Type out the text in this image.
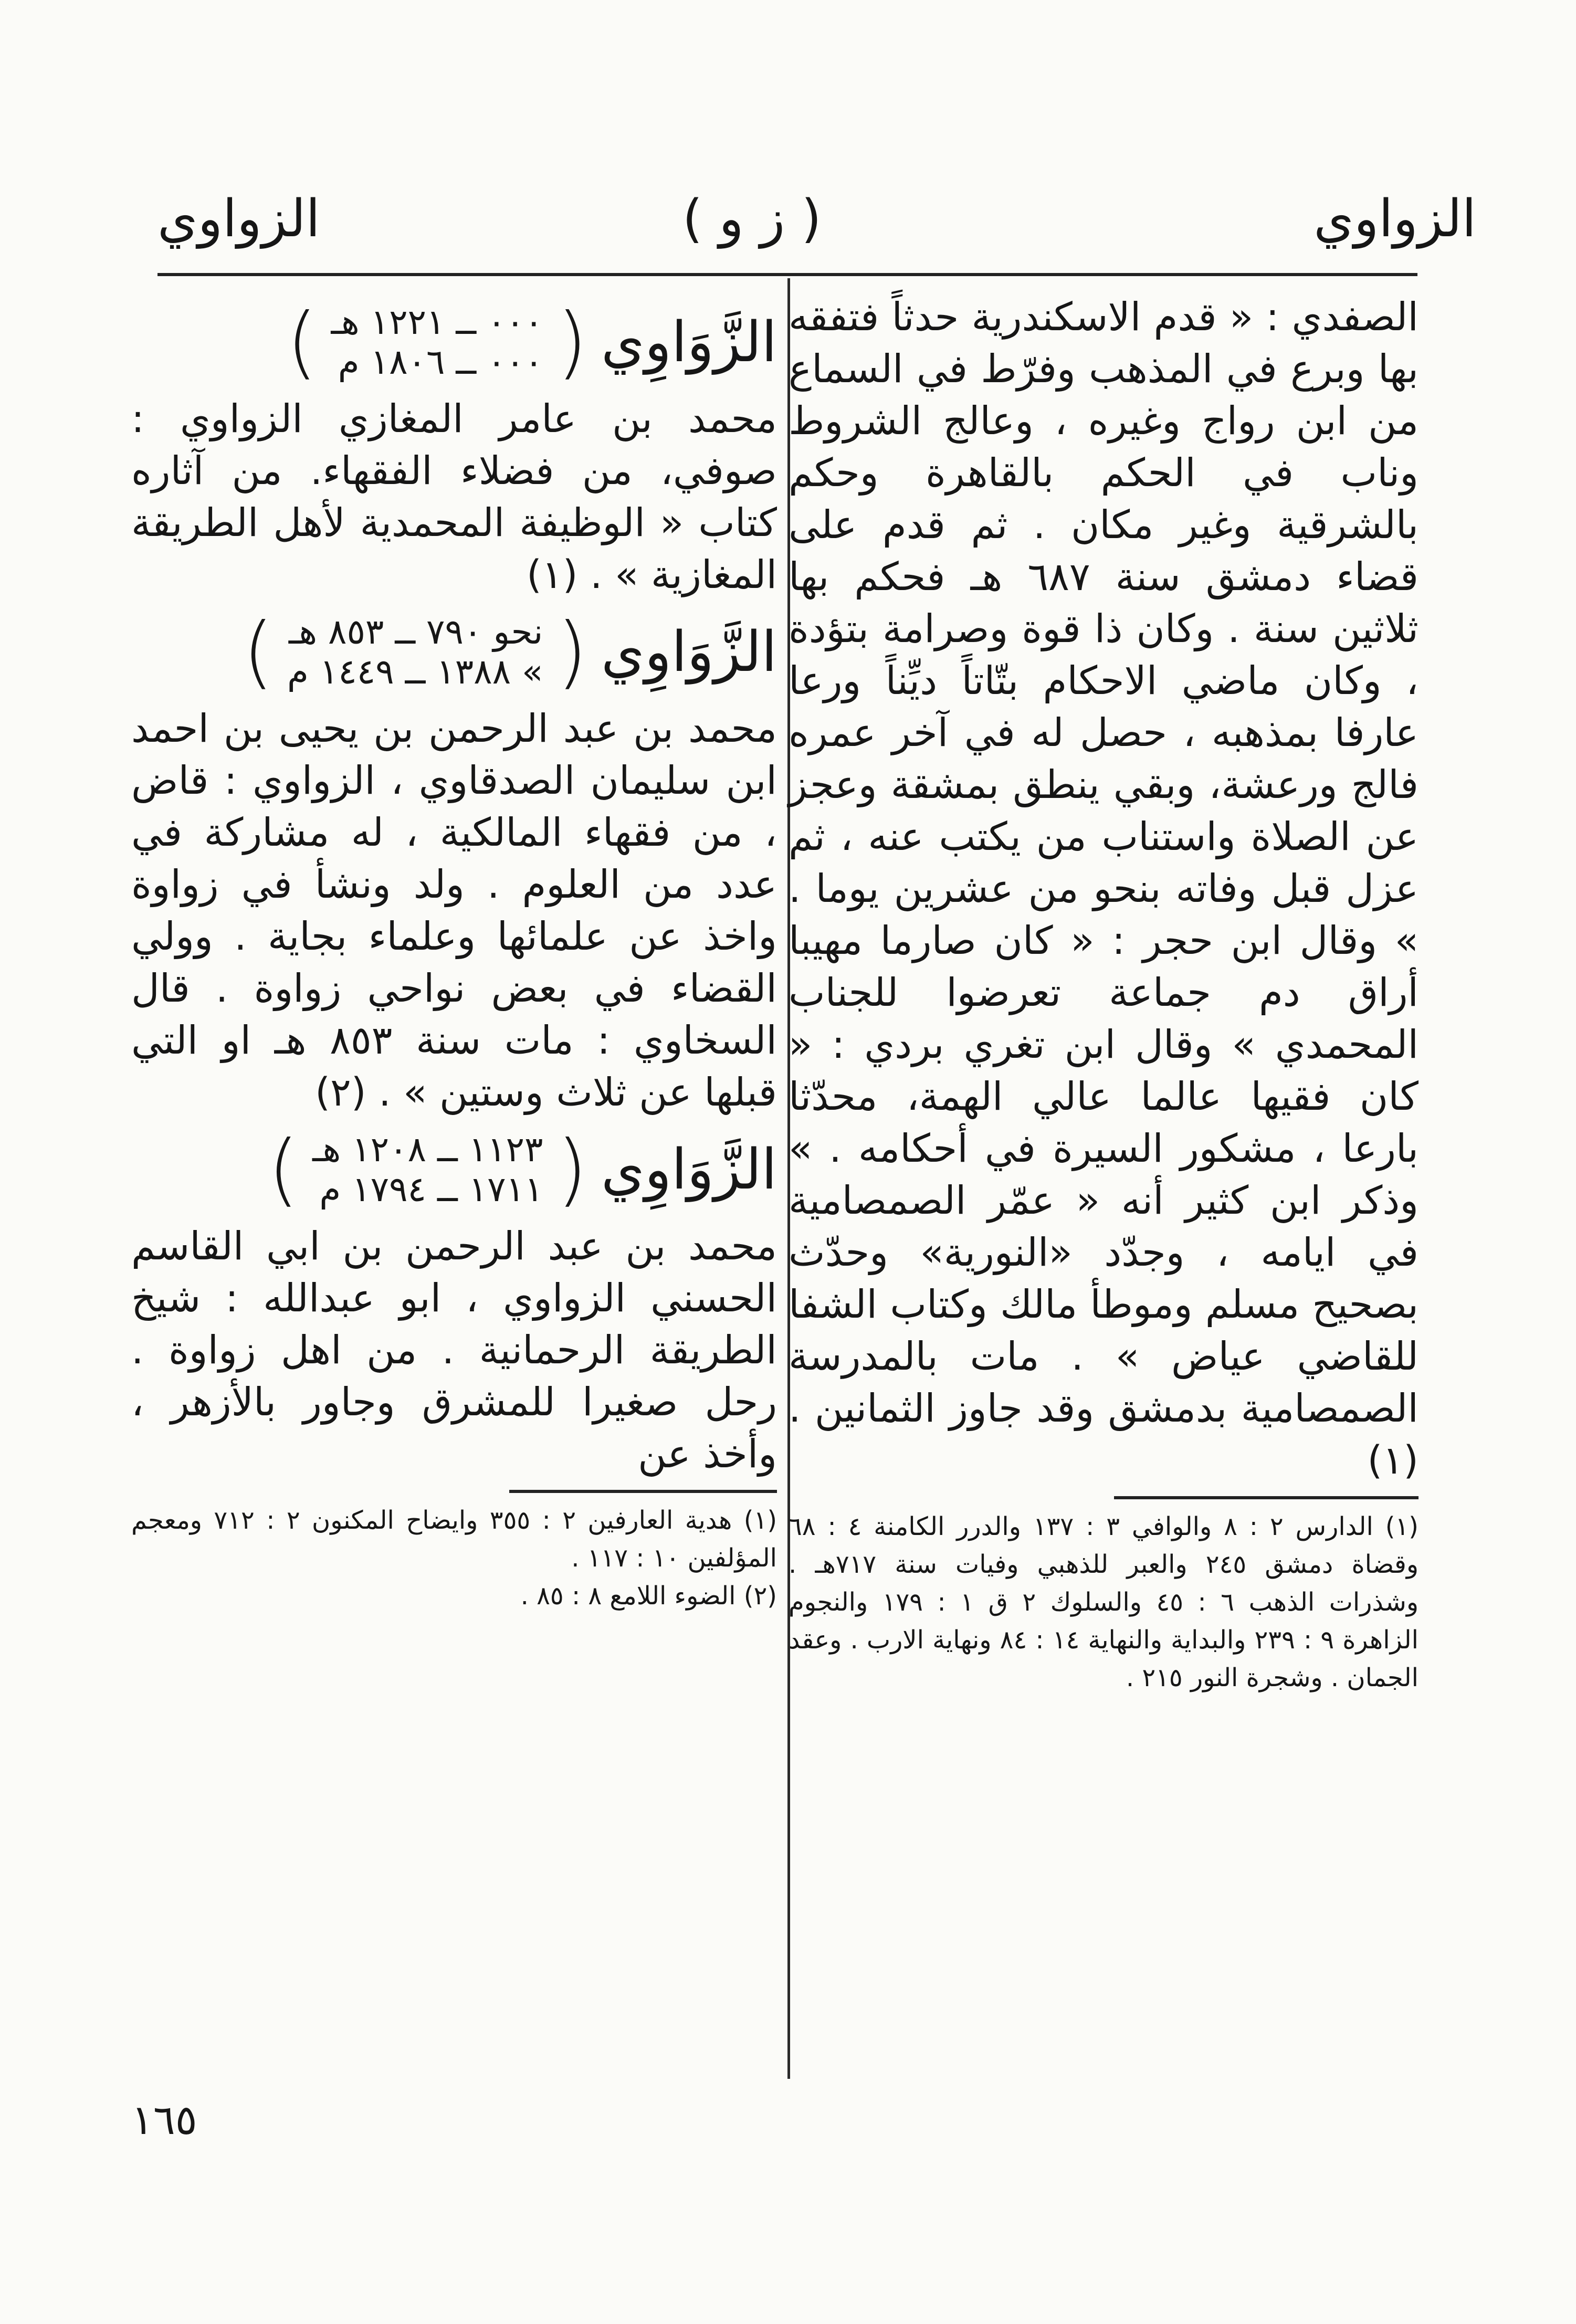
الزواوي
( ز و )
الزواوي

الصفدي : « قدم الاسكندرية حدثاً فتفقه بها وبرع في المذهب وفرّط في السماع من ابن رواج وغيره ، وعالج الشروط وناب في الحكم بالقاهرة وحكم بالشرقية وغير مكان . ثم قدم على قضاء دمشق سنة ٦٨٧ هـ فحكم بها ثلاثين سنة . وكان ذا قوة وصرامة بتؤدة ، وكان ماضي الاحكام بتّاتاً ديِّناً ورعا عارفا بمذهبه ، حصل له في آخر عمره فالج ورعشة، وبقي ينطق بمشقة وعجز عن الصلاة واستناب من يكتب عنه ، ثم عزل قبل وفاته بنحو من عشرين يوما . » وقال ابن حجر : « كان صارما مهيبا أراق دم جماعة تعرضوا للجناب المحمدي » وقال ابن تغري بردي : « كان فقيها عالما عالي الهمة، محدّثا بارعا ، مشكور السيرة في أحكامه . » وذكر ابن كثير أنه « عمّر الصمصامية في ايامه ، وجدّد «النورية» وحدّث بصحيح مسلم وموطأ مالك وكتاب الشفا للقاضي عياض » . مات بالمدرسة الصمصامية بدمشق وقد جاوز الثمانين . (١)

(١) الدارس ٢ : ٨ والوافي ٣ : ١٣٧ والدرر الكامنة ٤ : ٦٨ وقضاة دمشق ٢٤٥ والعبر للذهبي وفيات سنة ٧١٧هـ . وشذرات الذهب ٦ : ٤٥ والسلوك ٢ ق ١ : ١٧٩ والنجوم الزاهرة ٩ : ٢٣٩ والبداية والنهاية ١٤ : ٨٤ ونهاية الارب . وعقد الجمان . وشجرة النور ٢١٥ .

الزَّوَاوِي
(
٠٠٠ ــ ١٢٢١ هـ
٠٠٠ ــ ١٨٠٦ م
)

محمد بن عامر المغازي الزواوي : صوفي، من فضلاء الفقهاء. من آثاره كتاب « الوظيفة المحمدية لأهل الطريقة المغازية » . (١)

الزَّوَاوِي
(
نحو ٧٩٠ ــ ٨٥٣ هـ
» ١٣٨٨ ــ ١٤٤٩ م
)

محمد بن عبد الرحمن بن يحيى بن احمد ابن سليمان الصدقاوي ، الزواوي : قاض ، من فقهاء المالكية ، له مشاركة في عدد من العلوم . ولد ونشأ في زواوة واخذ عن علمائها وعلماء بجاية . وولي القضاء في بعض نواحي زواوة . قال السخاوي : مات سنة ٨٥٣ هـ او التي قبلها عن ثلاث وستين » . (٢)

الزَّوَاوِي
(
١١٢٣ ــ ١٢٠٨ هـ
١٧١١ ــ ١٧٩٤ م
)

محمد بن عبد الرحمن بن ابي القاسم الحسني الزواوي ، ابو عبدالله : شيخ الطريقة الرحمانية . من اهل زواوة . رحل صغيرا للمشرق وجاور بالأزهر ، وأخذ عن

(١) هدية العارفين ٢ : ٣٥٥ وايضاح المكنون ٢ : ٧١٢ ومعجم المؤلفين ١٠ : ١١٧ .

(٢) الضوء اللامع ٨ : ٨٥ .

١٦٥
